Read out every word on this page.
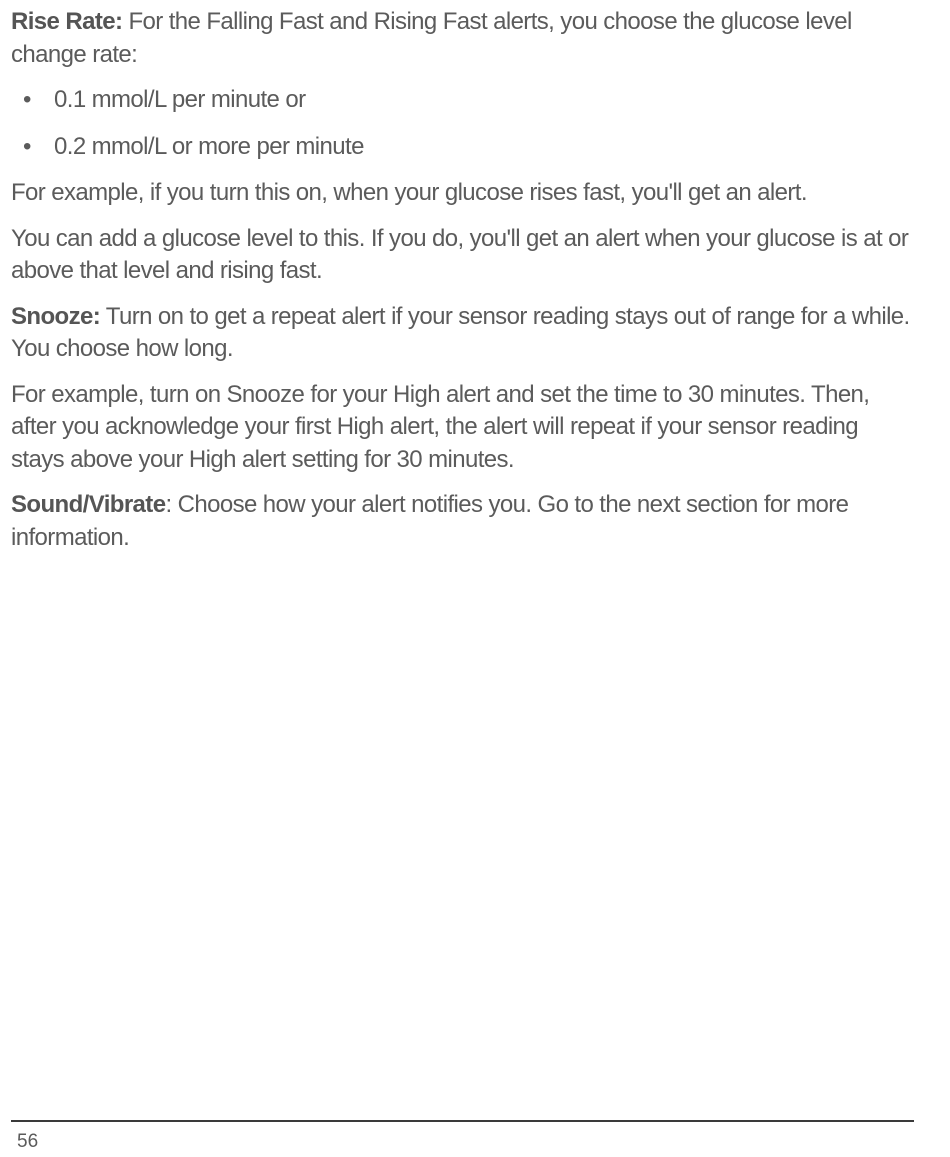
Rise Rate: For the Falling Fast and Rising Fast alerts, you choose the glucose level change rate:

• 0.1 mmol/L per minute or
• 0.2 mmol/L or more per minute

For example, if you turn this on, when your glucose rises fast, you'll get an alert.

You can add a glucose level to this. If you do, you'll get an alert when your glucose is at or above that level and rising fast.

Snooze: Turn on to get a repeat alert if your sensor reading stays out of range for a while. You choose how long.

For example, turn on Snooze for your High alert and set the time to 30 minutes. Then, after you acknowledge your first High alert, the alert will repeat if your sensor reading stays above your High alert setting for 30 minutes.

Sound/Vibrate: Choose how your alert notifies you. Go to the next section for more information.

56
